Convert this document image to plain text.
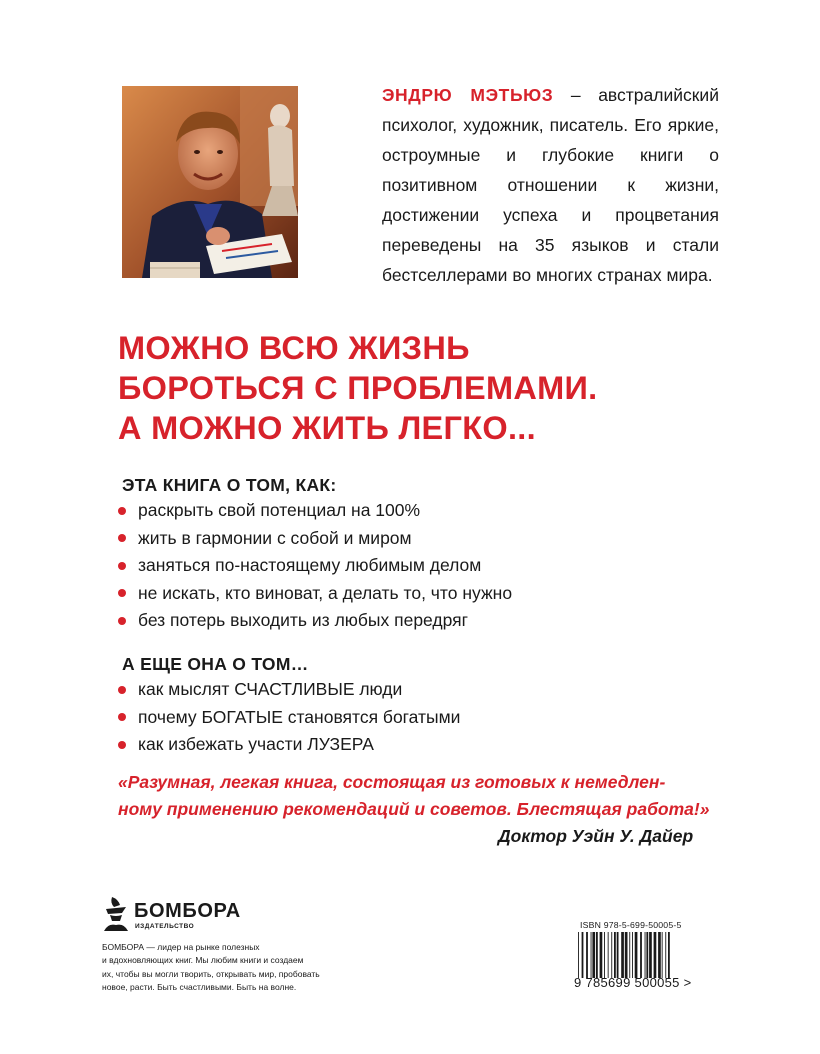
ЭНДРЮ МЭТЬЮЗ – австралийский психолог, художник, писатель. Его яркие, остроумные и глубокие книги о позитивном отношении к жизни, достижении успеха и процветания переведены на 35 языков и стали бестселлерами во многих странах мира.
МОЖНО ВСЮ ЖИЗНЬ
БОРОТЬСЯ С ПРОБЛЕМАМИ.
А МОЖНО ЖИТЬ ЛЕГКО...
ЭТА КНИГА О ТОМ, КАК:
раскрыть свой потенциал на 100%
жить в гармонии с собой и миром
заняться по-настоящему любимым делом
не искать, кто виноват, а делать то, что нужно
без потерь выходить из любых передряг
А ЕЩЕ ОНА О ТОМ…
как мыслят СЧАСТЛИВЫЕ люди
почему БОГАТЫЕ становятся богатыми
как избежать участи ЛУЗЕРА
«Разумная, легкая книга, состоящая из готовых к немедлен-
ному применению рекомендаций и советов. Блестящая работа!»
Доктор Уэйн У. Дайер
БОМБОРА
ИЗДАТЕЛЬСТВО
БОМБОРА — лидер на рынке полезных
и вдохновляющих книг. Мы любим книги и создаем
их, чтобы вы могли творить, открывать мир, пробовать
новое, расти. Быть счастливыми. Быть на волне.
ISBN 978-5-699-50005-5
9 785699 500055 >
